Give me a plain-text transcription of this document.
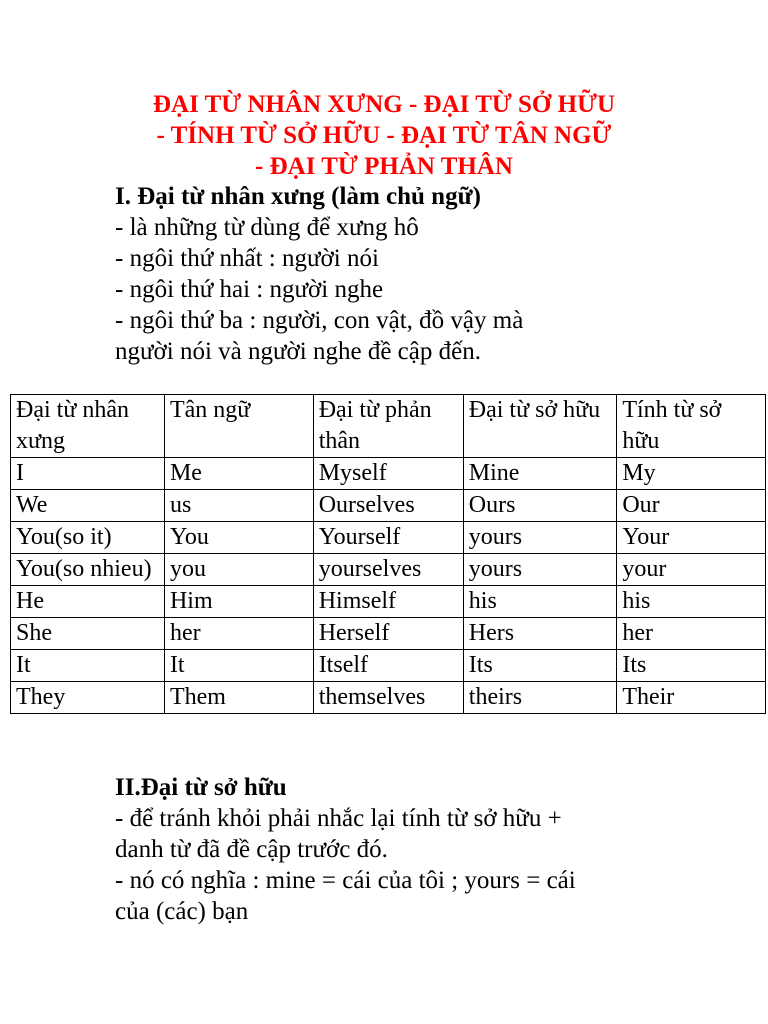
ĐẠI TỪ NHÂN XƯNG - ĐẠI TỪ SỞ HỮU
- TÍNH TỪ SỞ HỮU - ĐẠI TỪ TÂN NGỮ
- ĐẠI TỪ PHẢN THÂN
I. Đại từ nhân xưng (làm chủ ngữ)
- là những từ dùng để xưng hô
- ngôi thứ nhất : người nói
- ngôi thứ hai : người nghe
- ngôi thứ ba : người, con vật, đồ vậy mà
người nói và người nghe đề cập đến.
Đại từ nhân xưng	Tân ngữ	Đại từ phản thân	Đại từ sở hữu	Tính từ sở hữu
I	Me	Myself	Mine	My
We	us	Ourselves	Ours	Our
You(so it)	You	Yourself	yours	Your
You(so nhieu)	you	yourselves	yours	your
He	Him	Himself	his	his
She	her	Herself	Hers	her
It	It	Itself	Its	Its
They	Them	themselves	theirs	Their
II.Đại từ sở hữu
- để tránh khỏi phải nhắc lại tính từ sở hữu +
danh từ đã đề cập trước đó.
- nó có nghĩa : mine = cái của tôi ; yours = cái
của (các) bạn
